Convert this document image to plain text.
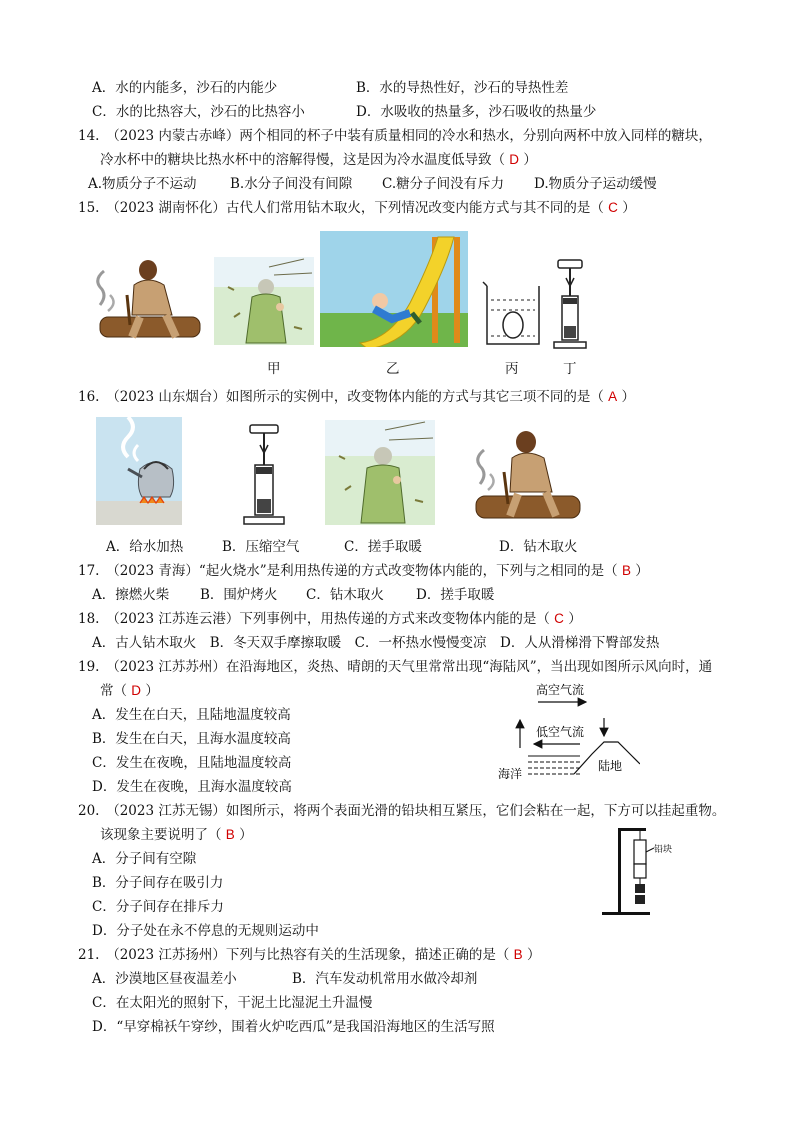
A．水的内能多，沙石的内能少	B．水的导热性好，沙石的导热性差
C．水的比热容大，沙石的比热容小	D．水吸收的热量多，沙石吸收的热量少
14.　（2023 内蒙古赤峰）两个相同的杯子中装有质量相同的冷水和热水，分别向两杯中放入同样的糖块，
冷水杯中的糖块比热水杯中的溶解得慢，这是因为冷水温度低导致（ D ）
A.物质分子不运动 B.水分子间没有间隙 C.糖分子间没有斥力 D.物质分子运动缓慢
15.　（2023 湖南怀化）古代人们常用钻木取火，下列情况改变内能方式与其不同的是（ C ）
甲	乙	丙	丁
16.　（2023 山东烟台）如图所示的实例中，改变物体内能的方式与其它三项不同的是（ A ）
A．给水加热	B．压缩空气	C．搓手取暖	D．钻木取火
17.　（2023 青海）“起火烧水”是利用热传递的方式改变物体内能的，下列与之相同的是（ B ）
A．擦燃火柴 B．围炉烤火 C．钻木取火 D．搓手取暖
18.　（2023 江苏连云港）下列事例中，用热传递的方式来改变物体内能的是（ C ）
A．古人钻木取火　B．冬天双手摩擦取暖　C．一杯热水慢慢变凉　D．人从滑梯滑下臀部发热
19.　（2023 江苏苏州）在沿海地区，炎热、晴朗的天气里常常出现“海陆风”，当出现如图所示风向时，通
常（ D ）
A．发生在白天，且陆地温度较高
B．发生在白天，且海水温度较高
C．发生在夜晚，且陆地温度较高
D．发生在夜晚，且海水温度较高
高空气流
低空气流
海洋
陆地
20.　（2023 江苏无锡）如图所示，将两个表面光滑的铅块相互紧压，它们会粘在一起，下方可以挂起重物。
该现象主要说明了（ B ）
A．分子间有空隙
B．分子间存在吸引力
C．分子间存在排斥力
D．分子处在永不停息的无规则运动中
铅块
21.　（2023 江苏扬州）下列与比热容有关的生活现象，描述正确的是（ B ）
A．沙漠地区昼夜温差小	B．汽车发动机常用水做冷却剂
C．在太阳光的照射下，干泥土比湿泥土升温慢
D．“早穿棉袄午穿纱，围着火炉吃西瓜”是我国沿海地区的生活写照
